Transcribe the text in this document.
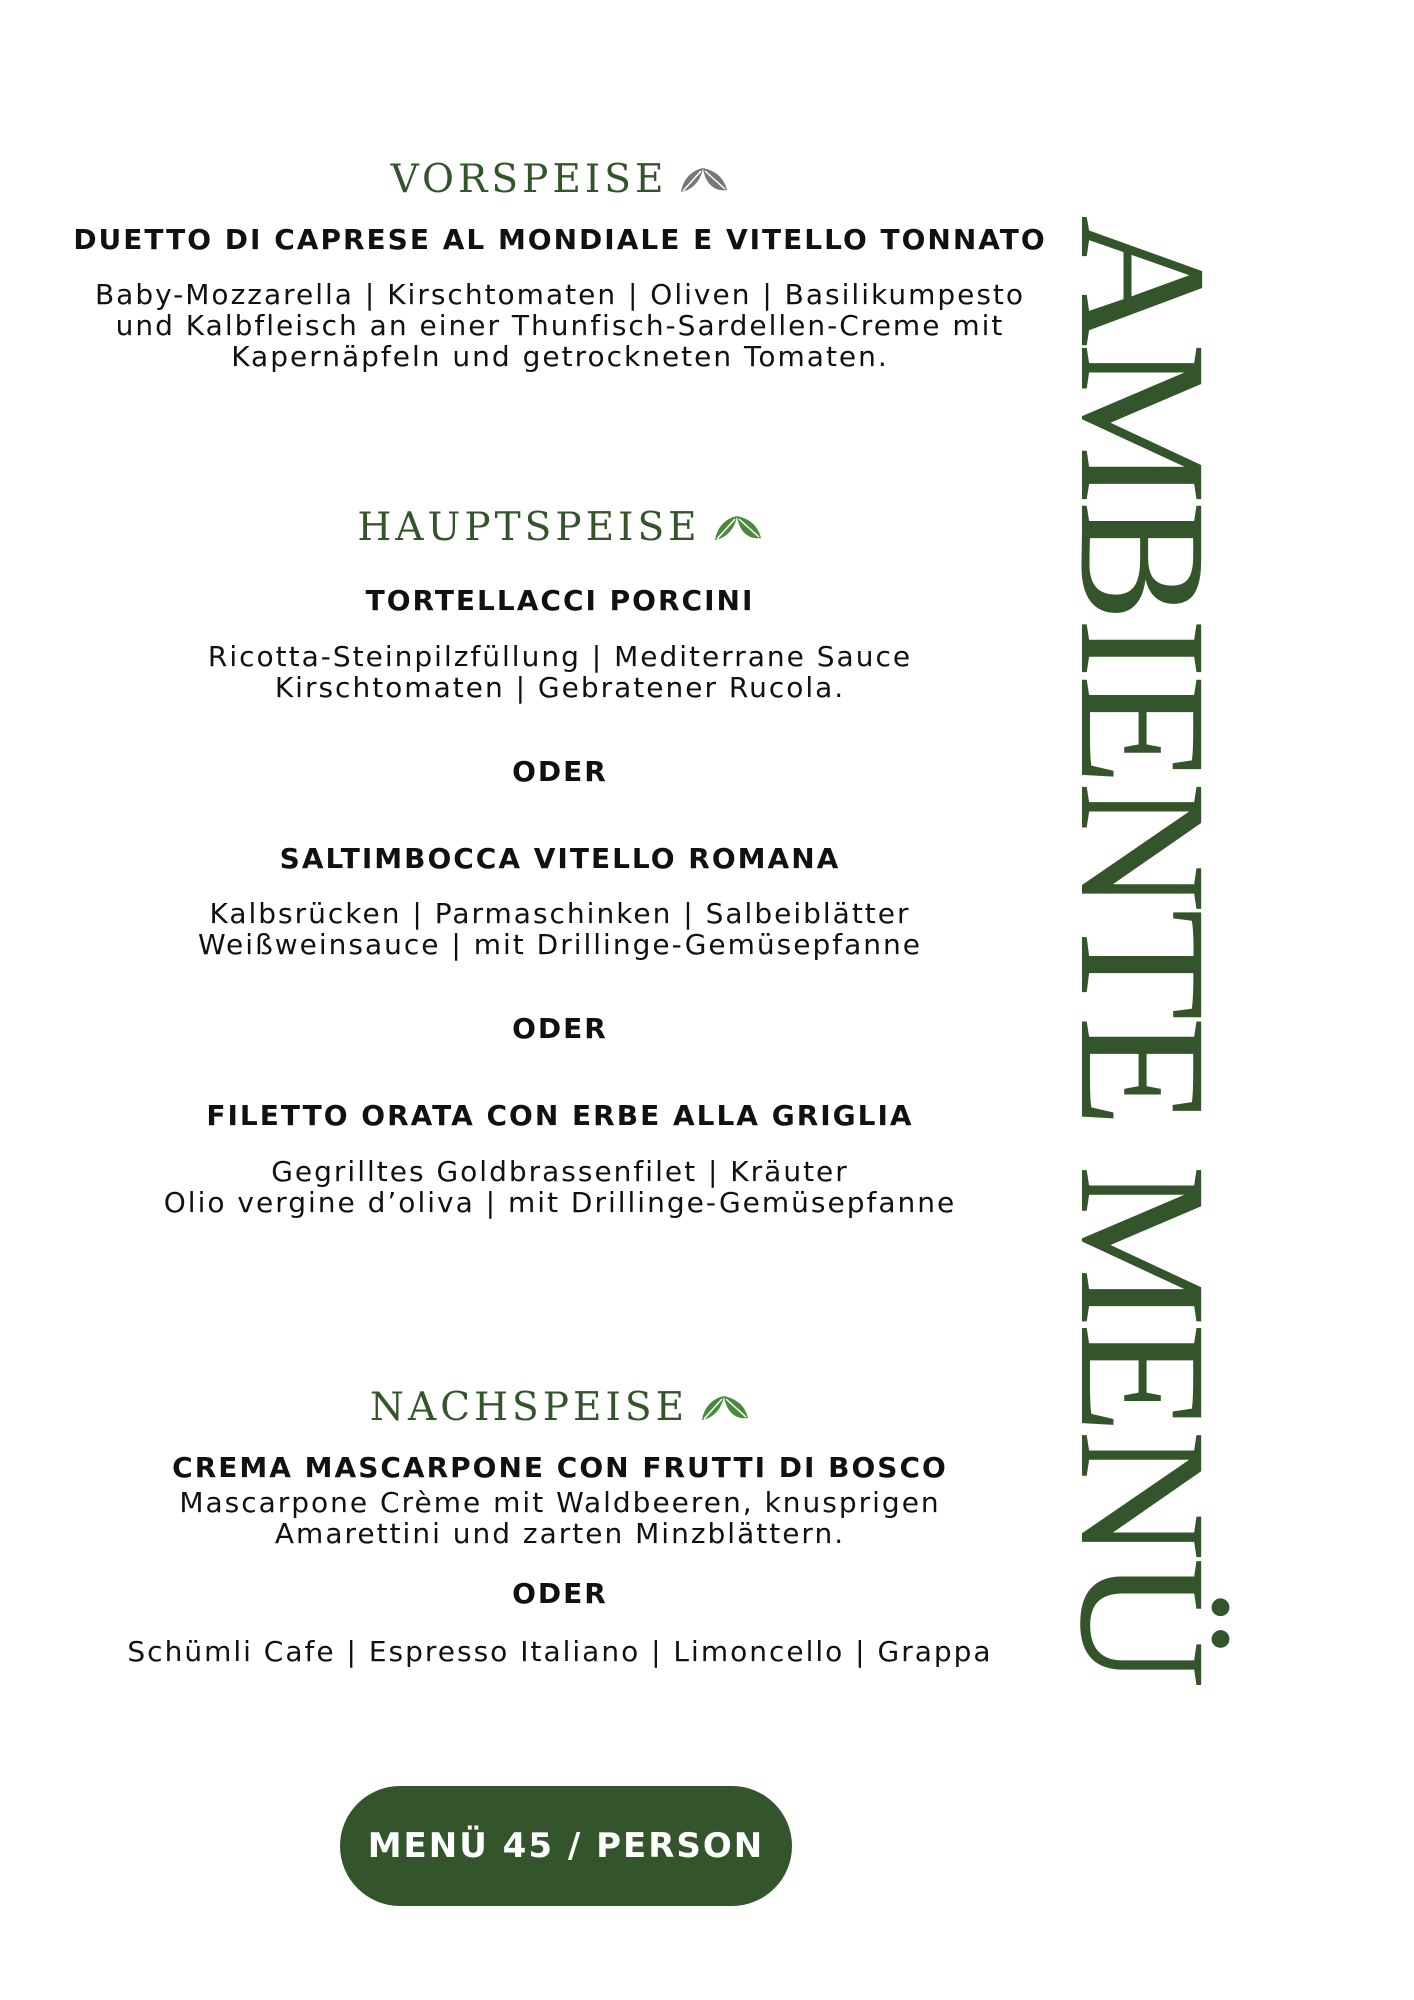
AMBIENTE MENÜ
VORSPEISE
DUETTO DI CAPRESE AL MONDIALE E VITELLO TONNATO
Baby-Mozzarella | Kirschtomaten | Oliven | Basilikumpesto
und Kalbfleisch an einer Thunfisch-Sardellen-Creme mit
Kapernäpfeln und getrockneten Tomaten.
HAUPTSPEISE
TORTELLACCI PORCINI
Ricotta-Steinpilzfüllung | Mediterrane Sauce
Kirschtomaten | Gebratener Rucola.
ODER
SALTIMBOCCA VITELLO ROMANA
Kalbsrücken | Parmaschinken | Salbeiblätter
Weißweinsauce | mit Drillinge-Gemüsepfanne
ODER
FILETTO ORATA CON ERBE ALLA GRIGLIA
Gegrilltes Goldbrassenfilet | Kräuter
Olio vergine d’oliva | mit Drillinge-Gemüsepfanne
NACHSPEISE
CREMA MASCARPONE CON FRUTTI DI BOSCO
Mascarpone Crème mit Waldbeeren, knusprigen
Amarettini und zarten Minzblättern.
ODER
Schümli Cafe | Espresso Italiano | Limoncello | Grappa
MENÜ 45 / PERSON
